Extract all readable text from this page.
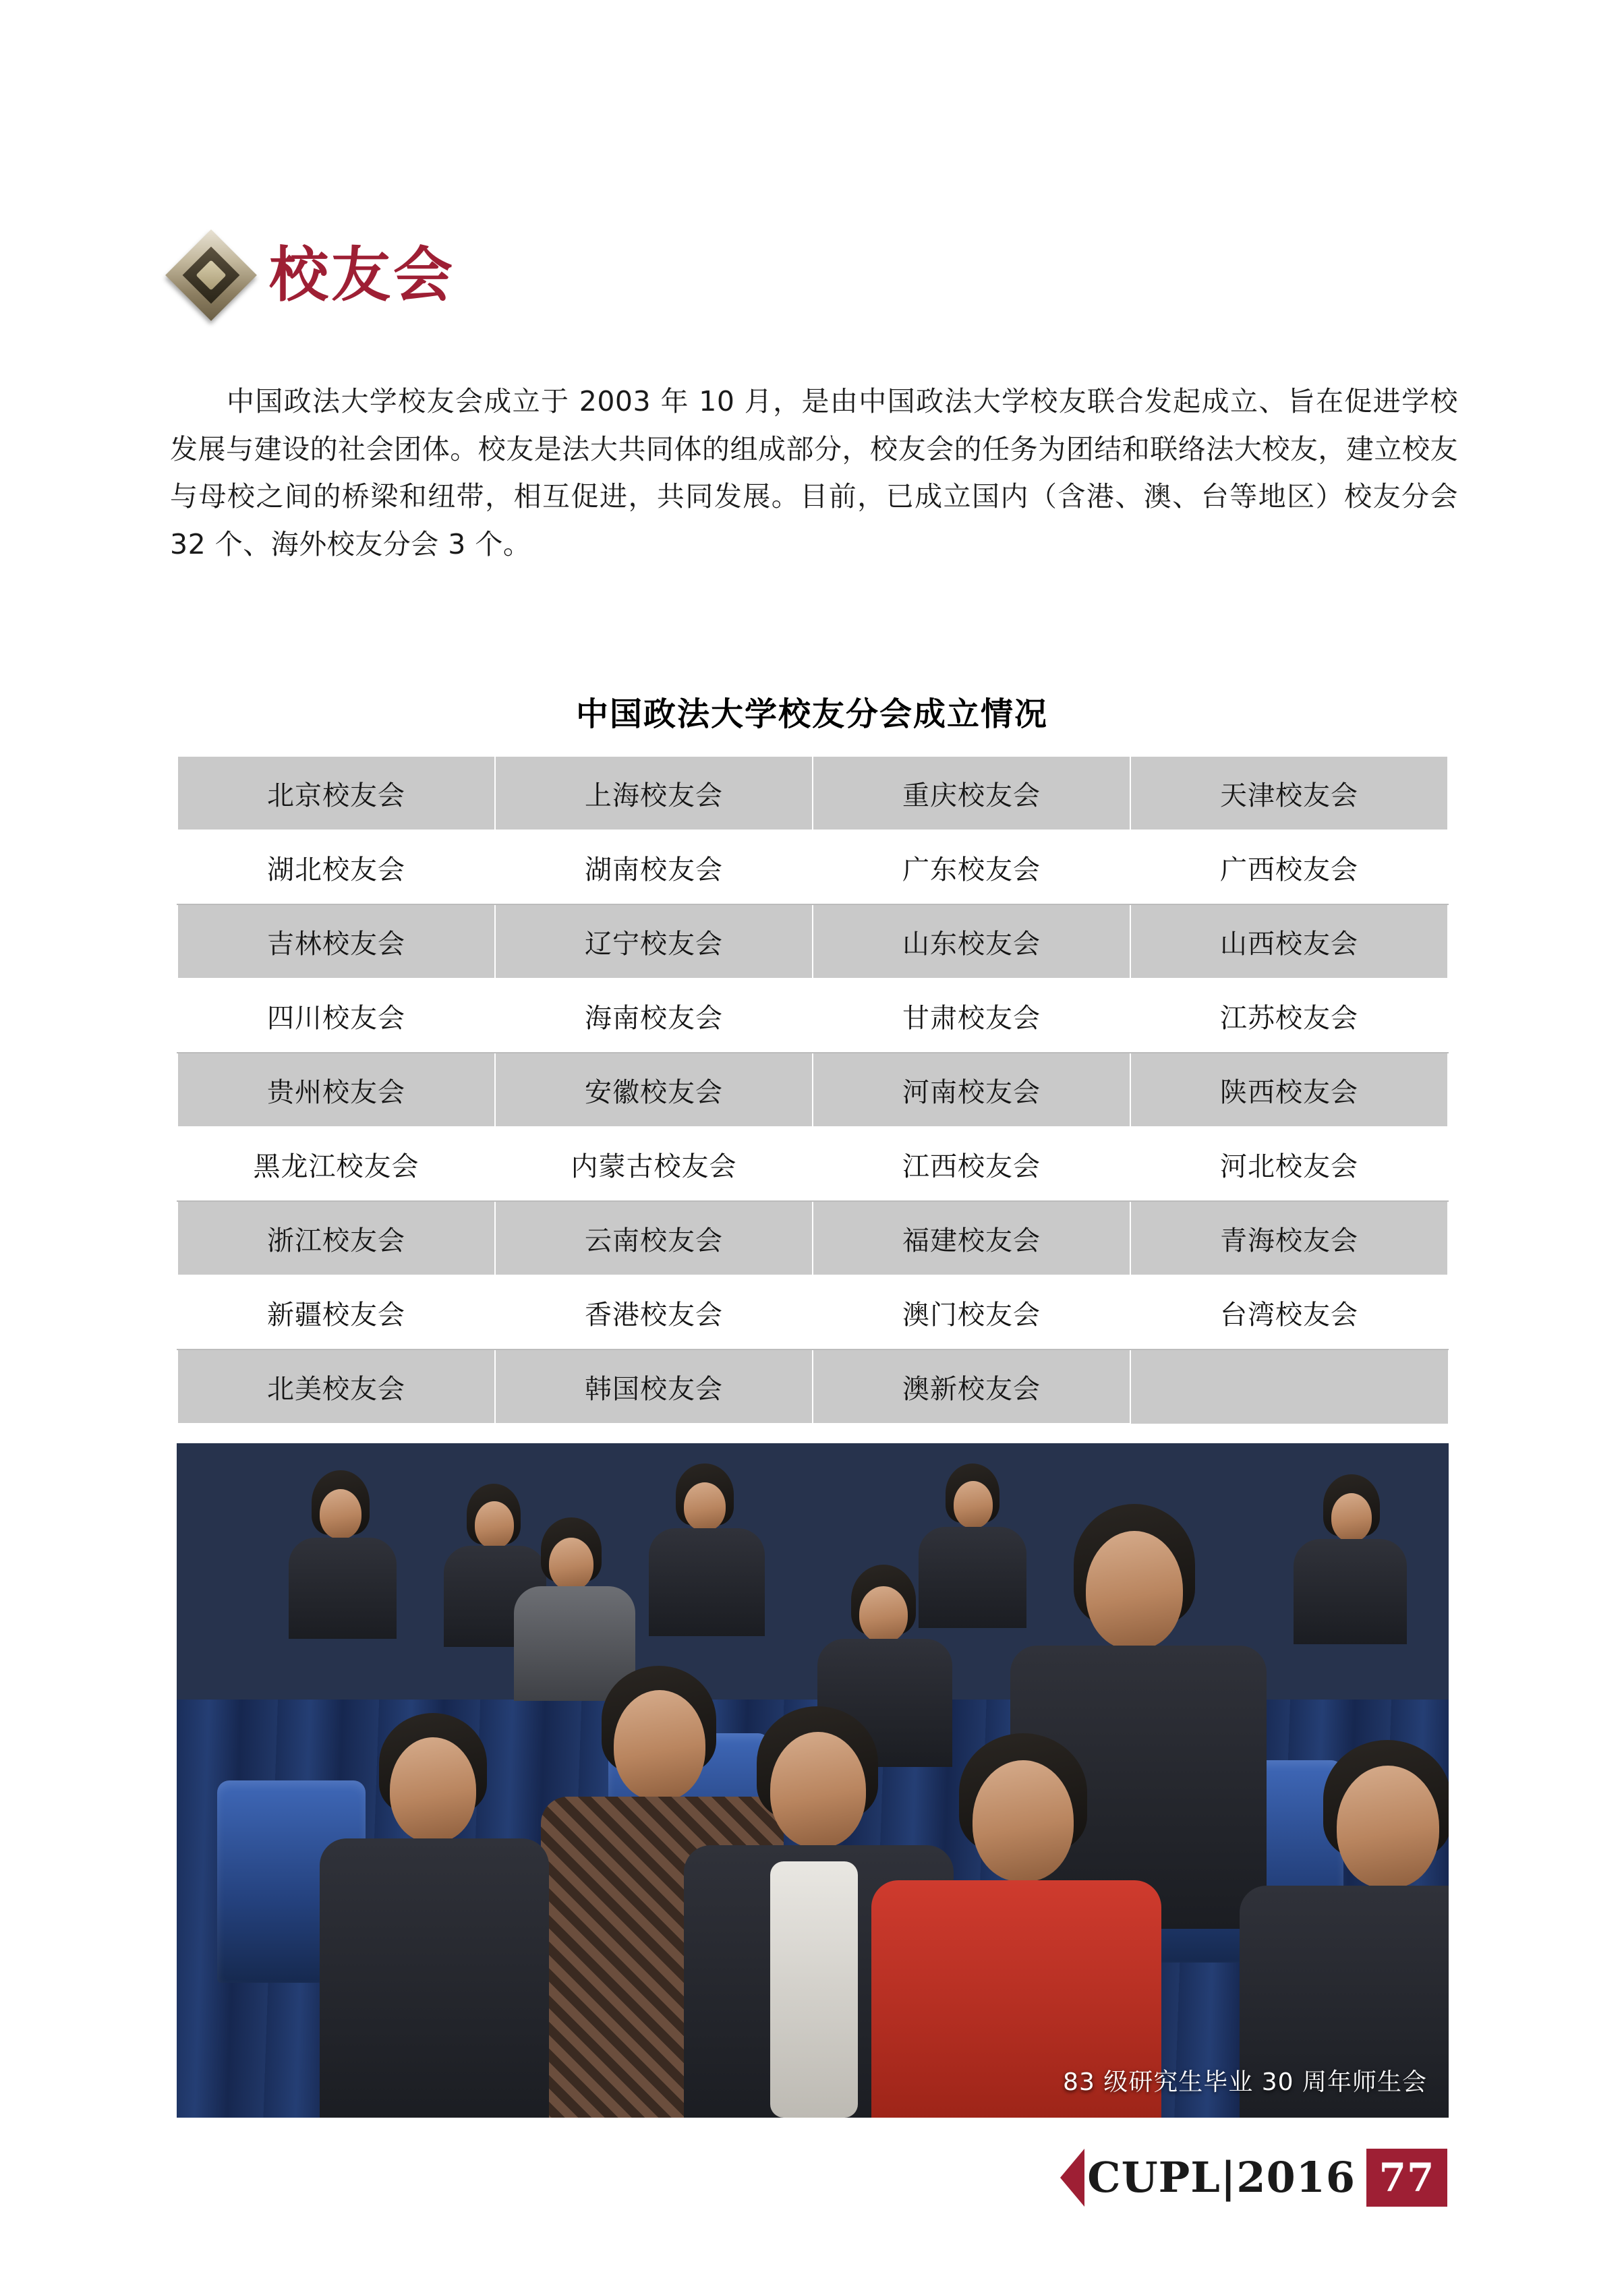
校友会
中国政法大学校友会成立于 2003 年 10 月，是由中国政法大学校友联合发起成立、旨在促进学校发展与建设的社会团体。校友是法大共同体的组成部分，校友会的任务为团结和联络法大校友，建立校友与母校之间的桥梁和纽带，相互促进，共同发展。目前，已成立国内（含港、澳、台等地区）校友分会 32 个、海外校友分会 3 个。
中国政法大学校友分会成立情况
北京校友会	上海校友会	重庆校友会	天津校友会
湖北校友会	湖南校友会	广东校友会	广西校友会
吉林校友会	辽宁校友会	山东校友会	山西校友会
四川校友会	海南校友会	甘肃校友会	江苏校友会
贵州校友会	安徽校友会	河南校友会	陕西校友会
黑龙江校友会	内蒙古校友会	江西校友会	河北校友会
浙江校友会	云南校友会	福建校友会	青海校友会
新疆校友会	香港校友会	澳门校友会	台湾校友会
北美校友会	韩国校友会	澳新校友会	
83 级研究生毕业 30 周年师生会
CUPL|2016 77
